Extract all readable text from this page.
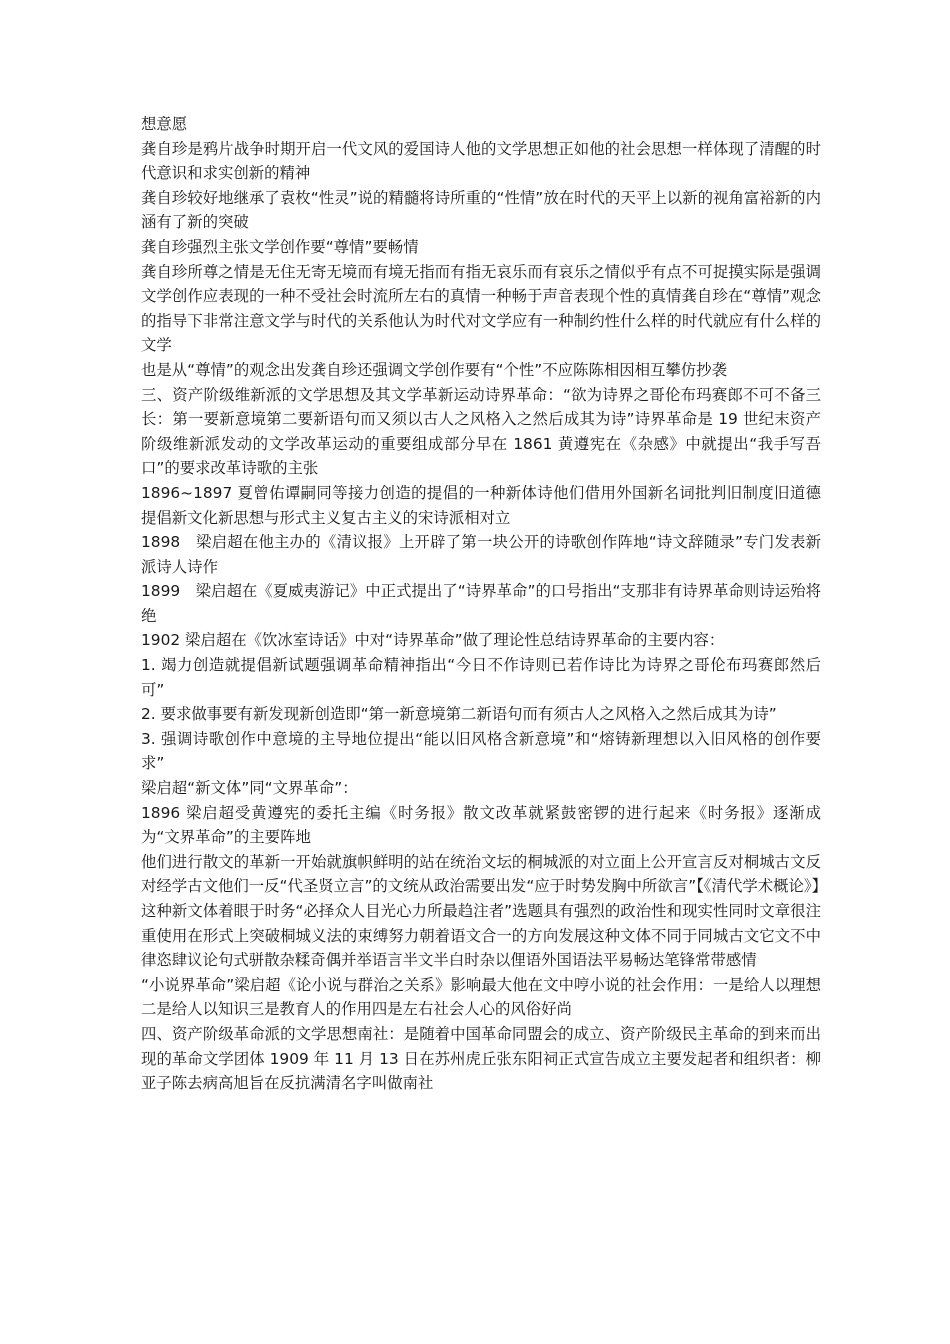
想意愿

龚自珍是鸦片战争时期开启一代文风的爱国诗人他的文学思想正如他的社会思想一样体现了清醒的时代意识和求实创新的精神

龚自珍较好地继承了袁枚“性灵”说的精髓将诗所重的“性情”放在时代的天平上以新的视角富裕新的内涵有了新的突破

龚自珍强烈主张文学创作要“尊情”要畅情

龚自珍所尊之情是无住无寄无境而有境无指而有指无哀乐而有哀乐之情似乎有点不可捉摸实际是强调文学创作应表现的一种不受社会时流所左右的真情一种畅于声音表现个性的真情龚自珍在“尊情”观念的指导下非常注意文学与时代的关系他认为时代对文学应有一种制约性什么样的时代就应有什么样的文学

也是从“尊情”的观念出发龚自珍还强调文学创作要有“个性”不应陈陈相因相互攀仿抄袭

三、资产阶级维新派的文学思想及其文学革新运动诗界革命：“欲为诗界之哥伦布玛赛郎不可不备三长：第一要新意境第二要新语句而又须以古人之风格入之然后成其为诗”诗界革命是 19 世纪末资产阶级维新派发动的文学改革运动的重要组成部分早在 1861 黄遵宪在《杂感》中就提出“我手写吾口”的要求改革诗歌的主张

1896~1897 夏曾佑谭嗣同等接力创造的提倡的一种新体诗他们借用外国新名词批判旧制度旧道德提倡新文化新思想与形式主义复古主义的宋诗派相对立

1898　梁启超在他主办的《清议报》上开辟了第一块公开的诗歌创作阵地“诗文辞随录”专门发表新派诗人诗作

1899　梁启超在《夏威夷游记》中正式提出了“诗界革命”的口号指出“支那非有诗界革命则诗运殆将绝

1902 梁启超在《饮冰室诗话》中对“诗界革命”做了理论性总结诗界革命的主要内容：

1. 竭力创造就提倡新试题强调革命精神指出“今日不作诗则已若作诗比为诗界之哥伦布玛赛郎然后可”

2. 要求做事要有新发现新创造即“第一新意境第二新语句而有须古人之风格入之然后成其为诗”

3. 强调诗歌创作中意境的主导地位提出“能以旧风格含新意境”和“熔铸新理想以入旧风格的创作要求”

梁启超“新文体”同“文界革命”：

1896 梁启超受黄遵宪的委托主编《时务报》散文改革就紧鼓密锣的进行起来《时务报》逐渐成为“文界革命”的主要阵地

他们进行散文的革新一开始就旗帜鲜明的站在统治文坛的桐城派的对立面上公开宣言反对桐城古文反对经学古文他们一反“代圣贤立言”的文统从政治需要出发“应于时势发胸中所欲言”【《清代学术概论》】

这种新文体着眼于时务“必择众人目光心力所最趋注者”选题具有强烈的政治性和现实性同时文章很注重使用在形式上突破桐城义法的束缚努力朝着语文合一的方向发展这种文体不同于同城古文它文不中律恣肆议论句式骈散杂糅奇偶并举语言半文半白时杂以俚语外国语法平易畅达笔锋常带感情

“小说界革命”梁启超《论小说与群治之关系》影响最大他在文中哼小说的社会作用：一是给人以理想二是给人以知识三是教育人的作用四是左右社会人心的风俗好尚

四、资产阶级革命派的文学思想南社：是随着中国革命同盟会的成立、资产阶级民主革命的到来而出现的革命文学团体 1909 年 11 月 13 日在苏州虎丘张东阳祠正式宣告成立主要发起者和组织者：柳亚子陈去病高旭旨在反抗满清名字叫做南社
